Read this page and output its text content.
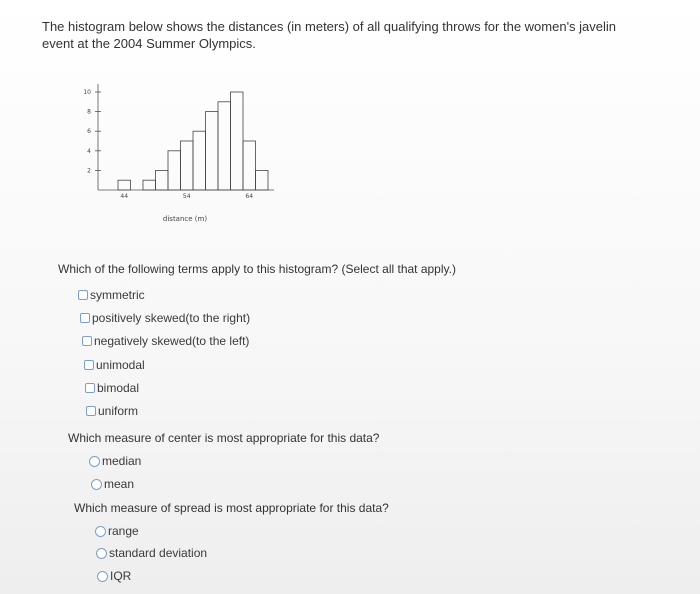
The histogram below shows the distances (in meters) of all qualifying throws for the women's javelin event at the 2004 Summer Olympics.
2
4
6
8
10
44	54	64
distance (m)
Which of the following terms apply to this histogram? (Select all that apply.)
symmetric
positively skewed(to the right)
negatively skewed(to the left)
unimodal
bimodal
uniform
Which measure of center is most appropriate for this data?
median
mean
Which measure of spread is most appropriate for this data?
range
standard deviation
IQR
